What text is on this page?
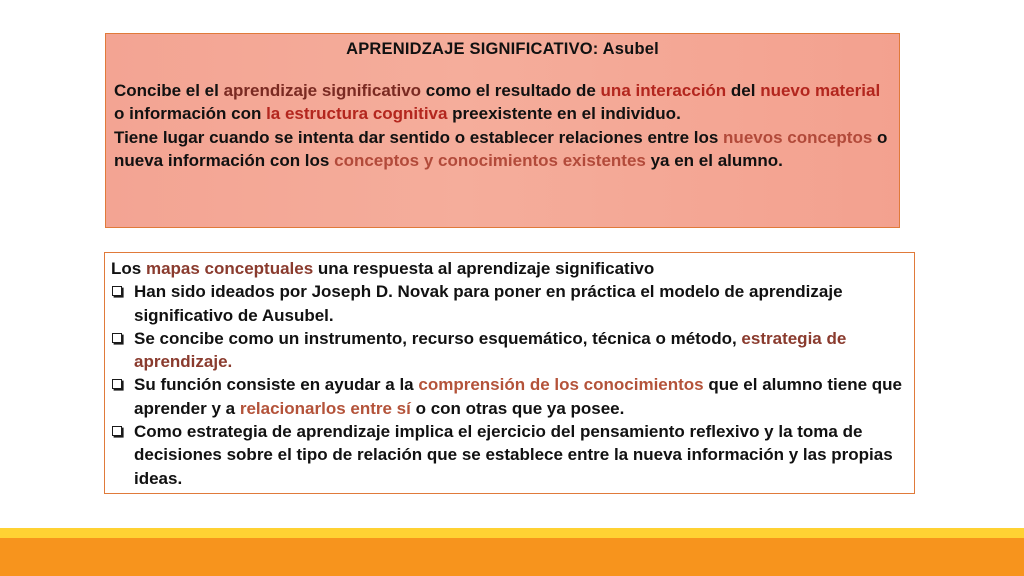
APRENIDZAJE SIGNIFICATIVO: Asubel

Concibe el el aprendizaje significativo como el resultado de una interacción del nuevo material o información con la estructura cognitiva preexistente en el individuo.

Tiene lugar cuando se intenta dar sentido o establecer relaciones entre los nuevos conceptos o nueva información con los conceptos y conocimientos existentes ya en el alumno.

Los mapas conceptuales una respuesta al aprendizaje significativo

Han sido ideados por Joseph D. Novak para poner en práctica el modelo de aprendizaje significativo de Ausubel.

Se concibe como un instrumento, recurso esquemático, técnica o método, estrategia de aprendizaje.

Su función consiste en ayudar a la comprensión de los conocimientos que el alumno tiene que aprender y a relacionarlos entre sí o con otras que ya posee.

Como estrategia de aprendizaje implica el ejercicio del pensamiento reflexivo y la toma de decisiones sobre el tipo de relación que se establece entre la nueva información y las propias ideas.
